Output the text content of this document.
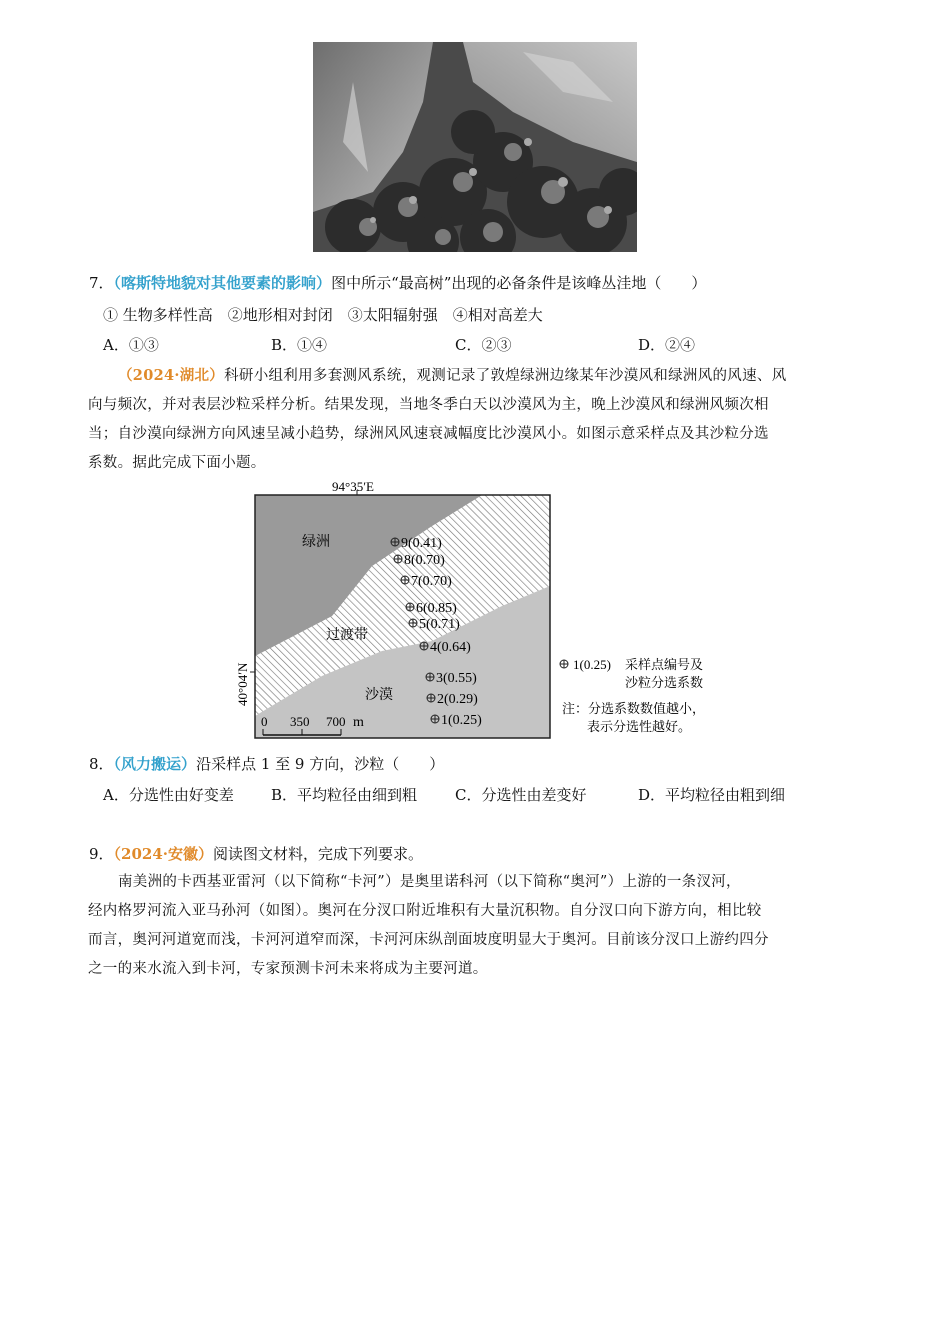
7．（喀斯特地貌对其他要素的影响）图中所示“最高树”出现的必备条件是该峰丛洼地（　　）
① 生物多样性高　②地形相对封闭　③太阳辐射强　④相对高差大
A．①③	B．①④	C．②③	D．②④
（2024·湖北）科研小组利用多套测风系统，观测记录了敦煌绿洲边缘某年沙漠风和绿洲风的风速、风
向与频次，并对表层沙粒采样分析。结果发现，当地冬季白天以沙漠风为主，晚上沙漠风和绿洲风频次相
当；自沙漠向绿洲方向风速呈减小趋势，绿洲风风速衰减幅度比沙漠风小。如图示意采样点及其沙粒分选
系数。据此完成下面小题。
94°35′E
40°04′N
绿洲
过渡带
沙漠
9(0.41)
8(0.70)
7(0.70)
6(0.85)
5(0.71)
4(0.64)
3(0.55)
2(0.29)
1(0.25)
0 350 700 m
1(0.25) 采样点编号及
沙粒分选系数
注：分选系数数值越小，
表示分选性越好。
8．（风力搬运）沿采样点 1 至 9 方向，沙粒（　　）
A．分选性由好变差 B．平均粒径由细到粗	C．分选性由差变好	D．平均粒径由粗到细
9．（2024·安徽）阅读图文材料，完成下列要求。
南美洲的卡西基亚雷河（以下简称“卡河”）是奥里诺科河（以下简称“奥河”）上游的一条汊河，
经内格罗河流入亚马孙河（如图）。奥河在分汊口附近堆积有大量沉积物。自分汊口向下游方向，相比较
而言，奥河河道宽而浅，卡河河道窄而深，卡河河床纵剖面坡度明显大于奥河。目前该分汊口上游约四分
之一的来水流入到卡河，专家预测卡河未来将成为主要河道。
